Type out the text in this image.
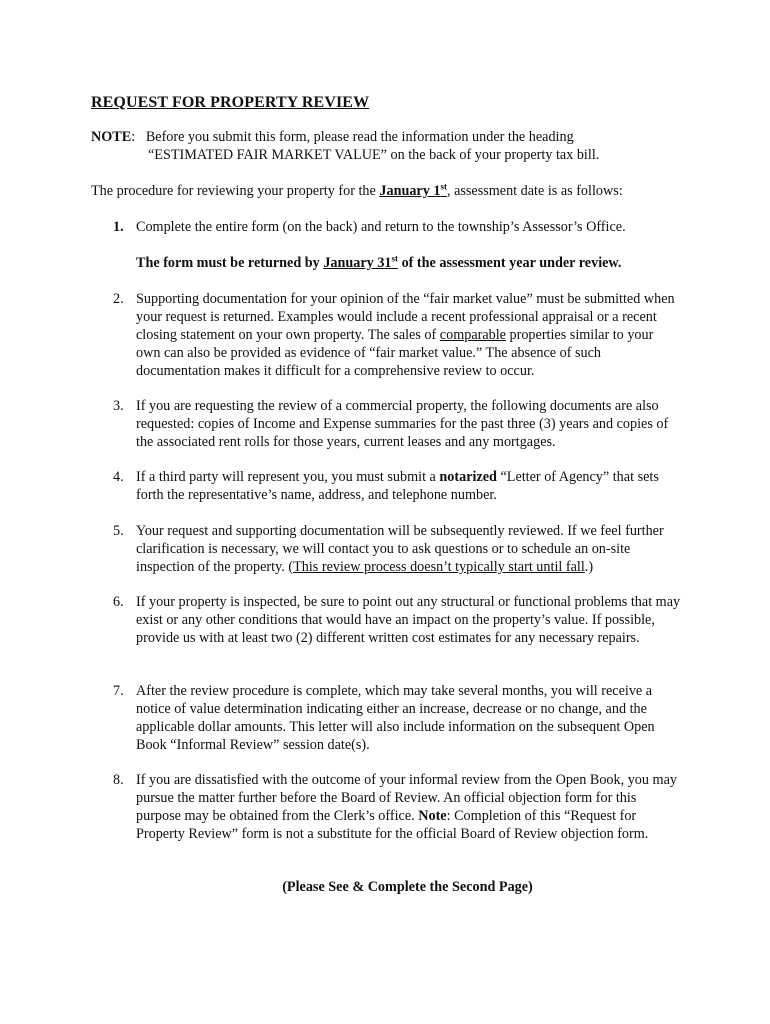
REQUEST FOR PROPERTY REVIEW
NOTE:   Before you submit this form, please read the information under the heading
“ESTIMATED FAIR MARKET VALUE” on the back of your property tax bill.
The procedure for reviewing your property for the January 1st, assessment date is as follows:
1. Complete the entire form (on the back) and return to the township’s Assessor’s Office.
The form must be returned by January 31st of the assessment year under review.
2. Supporting documentation for your opinion of the “fair market value” must be submitted when your request is returned. Examples would include a recent professional appraisal or a recent closing statement on your own property. The sales of comparable properties similar to your own can also be provided as evidence of “fair market value.” The absence of such documentation makes it difficult for a comprehensive review to occur.
3. If you are requesting the review of a commercial property, the following documents are also requested: copies of Income and Expense summaries for the past three (3) years and copies of the associated rent rolls for those years, current leases and any mortgages.
4. If a third party will represent you, you must submit a notarized “Letter of Agency” that sets forth the representative’s name, address, and telephone number.
5. Your request and supporting documentation will be subsequently reviewed. If we feel further clarification is necessary, we will contact you to ask questions or to schedule an on-site inspection of the property. (This review process doesn’t typically start until fall.)
6. If your property is inspected, be sure to point out any structural or functional problems that may exist or any other conditions that would have an impact on the property’s value. If possible, provide us with at least two (2) different written cost estimates for any necessary repairs.
7. After the review procedure is complete, which may take several months, you will receive a notice of value determination indicating either an increase, decrease or no change, and the applicable dollar amounts. This letter will also include information on the subsequent Open Book “Informal Review” session date(s).
8. If you are dissatisfied with the outcome of your informal review from the Open Book, you may pursue the matter further before the Board of Review. An official objection form for this purpose may be obtained from the Clerk’s office. Note: Completion of this “Request for Property Review” form is not a substitute for the official Board of Review objection form.
(Please See & Complete the Second Page)
